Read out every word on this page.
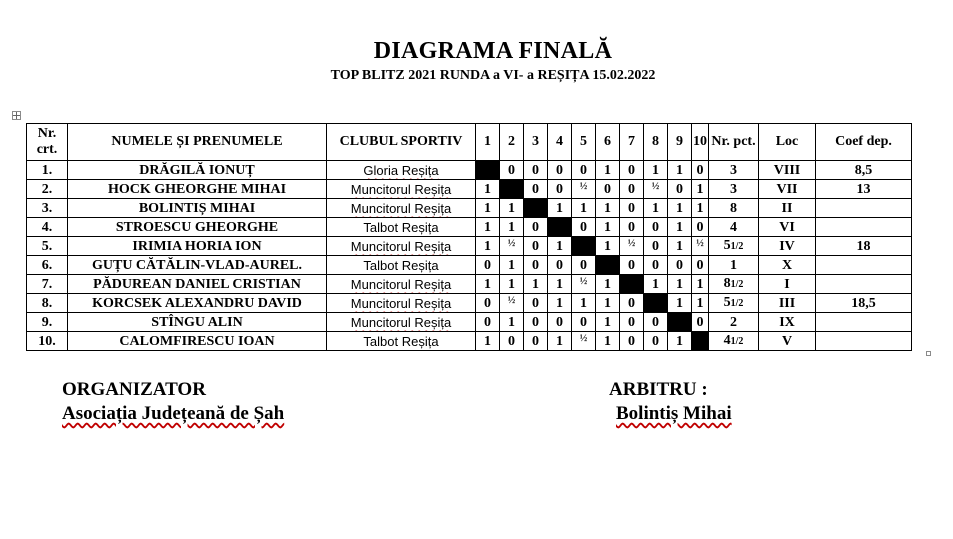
DIAGRAMA FINALĂ
TOP BLITZ 2021 RUNDA a VI- a REȘIȚA 15.02.2022
Nr. crt.	NUMELE ȘI PRENUMELE	CLUBUL SPORTIV	1	2	3	4	5	6	7	8	9	10	Nr. pct.	Loc	Coef dep.
1.	DRĂGILĂ IONUȚ	Gloria Reșița		0	0	0	0	1	0	1	1	0	3	VIII	8,5
2.	HOCK GHEORGHE MIHAI	Muncitorul Reșița	1		0	0	½	0	0	½	0	1	3	VII	13
3.	BOLINTIȘ MIHAI	Muncitorul Reșița	1	1		1	1	1	0	1	1	1	8	II	
4.	STROESCU GHEORGHE	Talbot Reșița	1	1	0		0	1	0	0	1	0	4	VI	
5.	IRIMIA HORIA ION	Muncitorul Reșița	1	½	0	1		1	½	0	1	½	51/2	IV	18
6.	GUȚU CĂTĂLIN-VLAD-AUREL.	Talbot Reșița	0	1	0	0	0		0	0	0	0	1	X	
7.	PĂDUREAN DANIEL CRISTIAN	Muncitorul Reșița	1	1	1	1	½	1		1	1	1	81/2	I	
8.	KORCSEK ALEXANDRU DAVID	Muncitorul Reșița	0	½	0	1	1	1	0		1	1	51/2	III	18,5
9.	STÎNGU ALIN	Muncitorul Reșița	0	1	0	0	0	1	0	0		0	2	IX	
10.	CALOMFIRESCU IOAN	Talbot Reșița	1	0	0	1	½	1	0	0	1		41/2	V	
ORGANIZATOR
Asociația Județeană de Șah
ARBITRU :
Bolintiș Mihai
